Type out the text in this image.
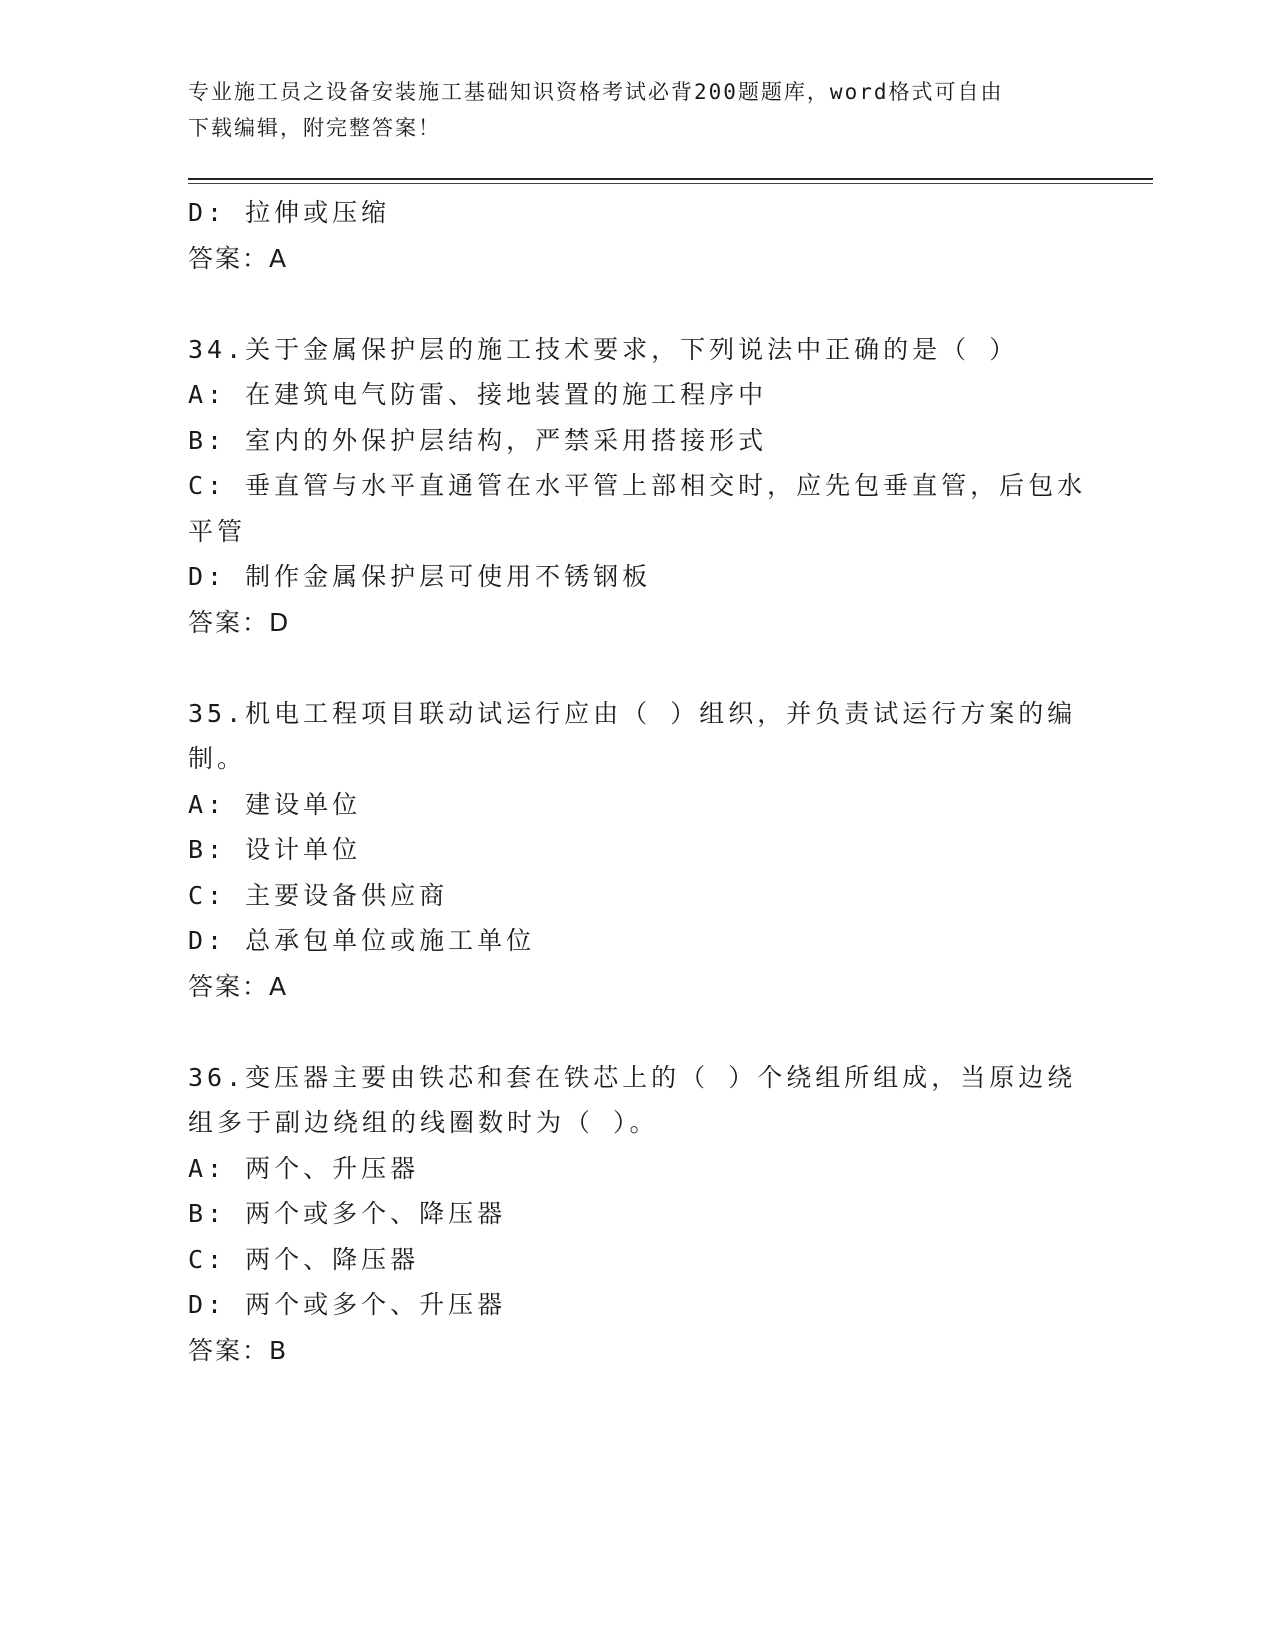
专业施工员之设备安装施工基础知识资格考试必背200题题库，word格式可自由
下载编辑，附完整答案！

D: 拉伸或压缩

答案：A

34.关于金属保护层的施工技术要求，下列说法中正确的是（ ）

A: 在建筑电气防雷、接地装置的施工程序中

B: 室内的外保护层结构，严禁采用搭接形式

C: 垂直管与水平直通管在水平管上部相交时，应先包垂直管，后包水

平管

D: 制作金属保护层可使用不锈钢板

答案：D

35.机电工程项目联动试运行应由（ ）组织，并负责试运行方案的编

制。

A: 建设单位

B: 设计单位

C: 主要设备供应商

D: 总承包单位或施工单位

答案：A

36.变压器主要由铁芯和套在铁芯上的（ ）个绕组所组成，当原边绕

组多于副边绕组的线圈数时为（ ）。

A: 两个、升压器

B: 两个或多个、降压器

C: 两个、降压器

D: 两个或多个、升压器

答案：B
